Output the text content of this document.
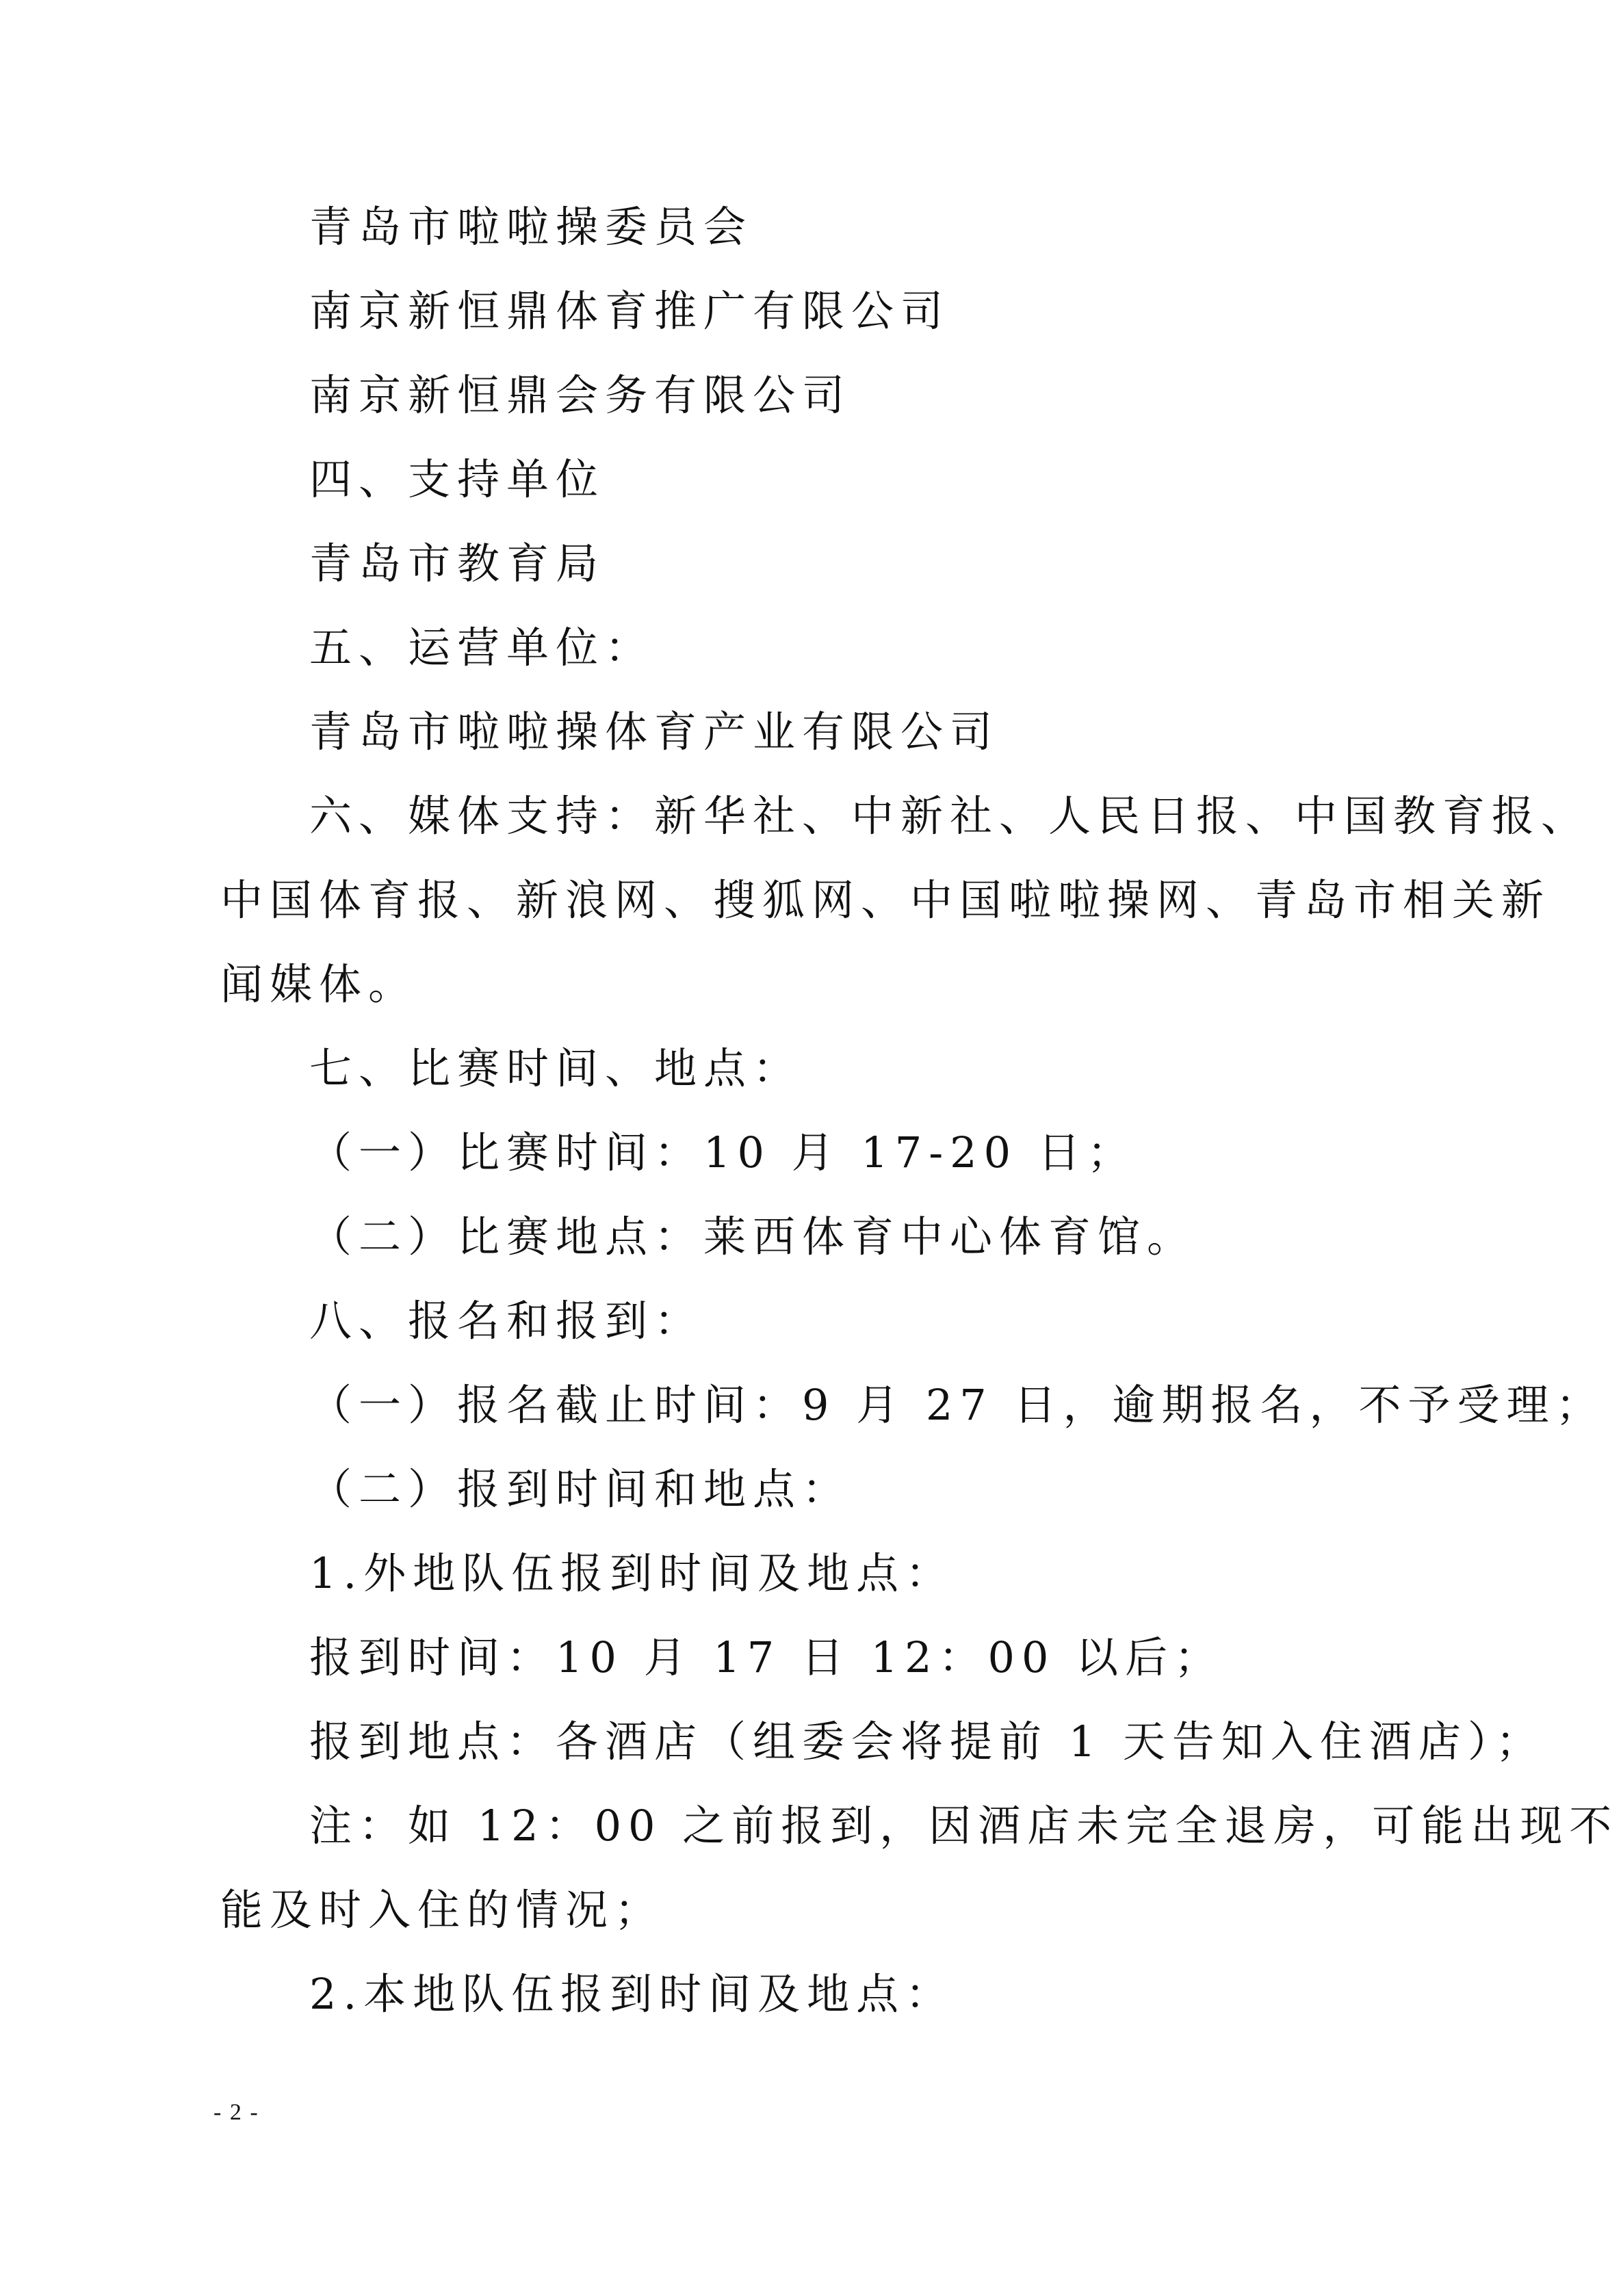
青岛市啦啦操委员会
南京新恒鼎体育推广有限公司
南京新恒鼎会务有限公司
四、支持单位
青岛市教育局
五、运营单位：
青岛市啦啦操体育产业有限公司
六、媒体支持：新华社、中新社、人民日报、中国教育报、
中国体育报、新浪网、搜狐网、中国啦啦操网、青岛市相关新
闻媒体。
七、比赛时间、地点：
（一）比赛时间：10 月 17-20 日；
（二）比赛地点：莱西体育中心体育馆。
八、报名和报到：
（一）报名截止时间：9 月 27 日，逾期报名，不予受理；
（二）报到时间和地点：
1.外地队伍报到时间及地点：
报到时间：10 月 17 日 12：00 以后；
报到地点：各酒店（组委会将提前 1 天告知入住酒店）；
注：如 12：00 之前报到，因酒店未完全退房，可能出现不
能及时入住的情况；
2.本地队伍报到时间及地点：
- 2 -
